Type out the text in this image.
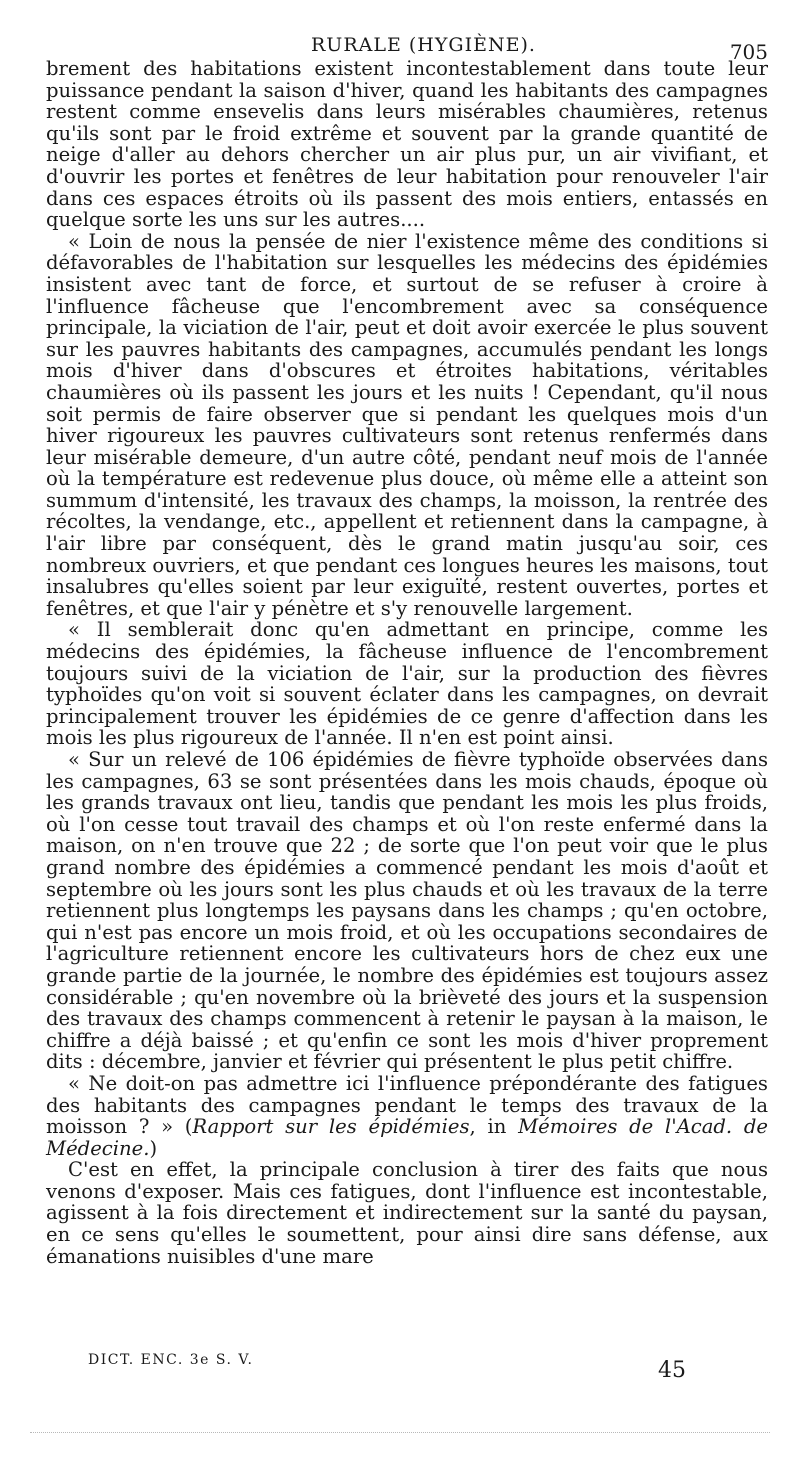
RURALE (HYGIÈNE).	705

brement des habitations existent incontestablement dans toute leur puissance pendant la saison d'hiver, quand les habitants des campagnes restent comme ensevelis dans leurs misérables chaumières, retenus qu'ils sont par le froid extrême et souvent par la grande quantité de neige d'aller au dehors chercher un air plus pur, un air vivifiant, et d'ouvrir les portes et fenêtres de leur habitation pour renouveler l'air dans ces espaces étroits où ils passent des mois entiers, entassés en quelque sorte les uns sur les autres....

« Loin de nous la pensée de nier l'existence même des conditions si défavorables de l'habitation sur lesquelles les médecins des épidémies insistent avec tant de force, et surtout de se refuser à croire à l'influence fâcheuse que l'encombrement avec sa conséquence principale, la viciation de l'air, peut et doit avoir exercée le plus souvent sur les pauvres habitants des campagnes, accumulés pendant les longs mois d'hiver dans d'obscures et étroites habitations, véritables chaumières où ils passent les jours et les nuits ! Cependant, qu'il nous soit permis de faire observer que si pendant les quelques mois d'un hiver rigoureux les pauvres cultivateurs sont retenus renfermés dans leur misérable demeure, d'un autre côté, pendant neuf mois de l'année où la température est redevenue plus douce, où même elle a atteint son summum d'intensité, les travaux des champs, la moisson, la rentrée des récoltes, la vendange, etc., appellent et retiennent dans la campagne, à l'air libre par conséquent, dès le grand matin jusqu'au soir, ces nombreux ouvriers, et que pendant ces longues heures les maisons, tout insalubres qu'elles soient par leur exiguïté, restent ouvertes, portes et fenêtres, et que l'air y pénètre et s'y renouvelle largement.

« Il semblerait donc qu'en admettant en principe, comme les médecins des épidémies, la fâcheuse influence de l'encombrement toujours suivi de la viciation de l'air, sur la production des fièvres typhoïdes qu'on voit si souvent éclater dans les campagnes, on devrait principalement trouver les épidémies de ce genre d'affection dans les mois les plus rigoureux de l'année. Il n'en est point ainsi.

« Sur un relevé de 106 épidémies de fièvre typhoïde observées dans les campagnes, 63 se sont présentées dans les mois chauds, époque où les grands travaux ont lieu, tandis que pendant les mois les plus froids, où l'on cesse tout travail des champs et où l'on reste enfermé dans la maison, on n'en trouve que 22 ; de sorte que l'on peut voir que le plus grand nombre des épidémies a commencé pendant les mois d'août et septembre où les jours sont les plus chauds et où les travaux de la terre retiennent plus longtemps les paysans dans les champs ; qu'en octobre, qui n'est pas encore un mois froid, et où les occupations secondaires de l'agriculture retiennent encore les cultivateurs hors de chez eux une grande partie de la journée, le nombre des épidémies est toujours assez considérable ; qu'en novembre où la brièveté des jours et la suspension des travaux des champs commencent à retenir le paysan à la maison, le chiffre a déjà baissé ; et qu'enfin ce sont les mois d'hiver proprement dits : décembre, janvier et février qui présentent le plus petit chiffre.

« Ne doit-on pas admettre ici l'influence prépondérante des fatigues des habitants des campagnes pendant le temps des travaux de la moisson ? » (Rapport sur les épidémies, in Mémoires de l'Acad. de Médecine.)

C'est en effet, la principale conclusion à tirer des faits que nous venons d'exposer. Mais ces fatigues, dont l'influence est incontestable, agissent à la fois directement et indirectement sur la santé du paysan, en ce sens qu'elles le soumettent, pour ainsi dire sans défense, aux émanations nuisibles d'une mare

DICT. ENC. 3e S. V.	45
